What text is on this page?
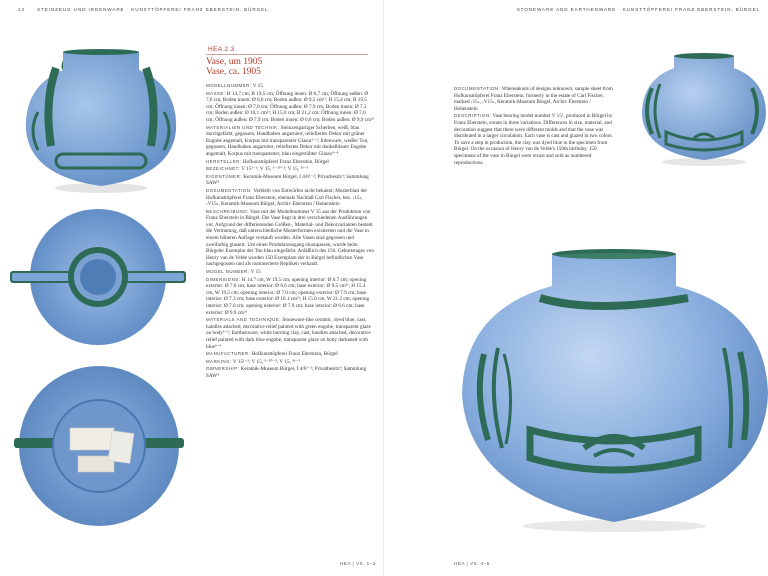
12	STEINZEUG UND IRDENWARE · KUNSTTÖPFEREI FRANZ EBERSTEIN, BÜRGEL
HEA 2.3
Vase, um 1905
Vase, ca. 1905

MODELLNUMMER: V 15

MASSE: H 14,7 cm; B 19,5 cm; Öffnung innen: Ø 6,7 cm; Öffnung außen: Ø 7,6 cm; Boden innen: Ø 6,6 cm; Boden außen: Ø 9,5 cm¹⁾; H 15,4 cm; B 19,5 cm; Öffnung innen: Ø 7,0 cm; Öffnung außen: Ø 7,9 cm; Boden innen: Ø 7,3 cm; Boden außen: Ø 10,1 cm²⁾; H 15,0 cm; B 21,2 cm; Öffnung innen: Ø 7,0 cm; Öffnung außen: Ø 7,9 cm; Boden innen: Ø 6,6 cm; Boden außen: Ø 9,9 cm³⁾

MATERIALIEN UND TECHNIK: Steinzeugartiger Scherben, weiß, blau durchgefärbt, gegossen, Handhaben angarniert, reliefiertes Dekor mit grüner Engobe angemalt, Korpus mit transparenter Glasur¹⁻²; Irdenware, weißer Ton, gegossen, Handhaben angarniert, reliefiertes Dekor mit dunkelblauer Engobe angemalt, Korpus mit transparenter, blau eingetrübter Glasur³⁻⁴

HERSTELLER: Hofkunsttöpferei Franz Eberstein, Bürgel

BEZEICHNET: V 15¹⁻²; V 15, ⁵⁻²⁰⁻²; V 15, ³⁶⁻³

EIGENTÜMER: Keramik-Museum Bürgel, I 4/6¹⁻²; Privatbesitz³; Sammlung SAW⁴

DOKUMENTATION: Verbleib von Entwürfen nicht bekannt; Musterblatt der Hofkunsttöpferei Franz Eberstein, ehemals Nachlaß Carl Fischer, bez. ›15‹, ›V15‹, Keramik-Museum Bürgel, Archiv Eberstein / Hohenstein

BESCHREIBUNG: Vase mit der Modellnummer V 15 aus der Produktion von Franz Eberstein in Bürgel. Die Vase liegt in drei verschiedenen Ausführungen vor. Aufgrund der differierenden Größen-, Material- und Dekorvarianten besteht die Vermutung, daß unterschiedliche Musterformen existierten und die Vase in einem höheren Auflage verkauft wurden. Alle Vasen sind gegossen und zweifarbig glasiert. Um einen Produktionsgang einzupassen, wurde beim Bürgeler Exemplar der Ton blau eingefärbt. Anläßlich des 150. Geburtstages von Henry van de Velde wurden 150 Exemplare der in Bürgel befindlichen Vase nachgegossen und als nummerierte Repliken verkauft.

MODEL NUMBER: V 15

DIMENSIONS: H 14.7 cm, W 19.5 cm; opening interior: Ø 6.7 cm; opening exterior: Ø 7.6 cm; base interior: Ø 6.6 cm; base exterior: Ø 9.5 cm¹⁾; H 15.4 cm, W 19.5 cm; opening interior: Ø 7.0 cm; opening exterior: Ø 7.9 cm; base interior: Ø 7.3 cm; base exterior: Ø 10.1 cm²⁾; H 15.0 cm, W 21.2 cm; opening interior: Ø 7.0 cm; opening exterior: Ø 7.9 cm; base interior: Ø 6.6 cm; base exterior: Ø 9.9 cm³⁾

MATERIALS AND TECHNIQUE: Stoneware-like ceramic, dyed blue, cast, handles attached, decorative relief painted with green engobe, transparent glaze on body¹⁻²; Earthenware, white burning clay, cast, handles attached, decorative relief painted with dark blue engobe, transparent glaze on body darkened with blue³⁻⁴

MANUFACTURER: Hofkunsttöpferei Franz Eberstein, Bürgel

MARKING: V 15¹⁻²; V 15, ⁵⁻²⁰⁻²; V 15, ³⁶⁻³

OWNERSHIP: Keramik-Museum Bürgel, I 4/6¹⁻²; Privatbesitz³; Sammlung SAW⁴

HEA | VS. 1–3
STONEWARE AND EARTHENWARE · KUNSTTÖPFEREI FRANZ EBERSTEIN, BÜRGEL

DOCUMENTATION: Whereabouts of designs unknown; sample sheet from Hofkunsttöpferei Franz Eberstein, formerly in the estate of Carl Fischer, marked ›15‹, ›V15‹, Keramik-Museum Bürgel, Archiv Eberstein / Hohenstein

DESCRIPTION: Vase bearing model number V 15¹, produced in Bürgel by Franz Eberstein, extant in three variations. Differences in size, material, and decoration suggest that there were different molds and that the vase was distributed in a larger circulation. Each vase is cast and glazed in two colors. To save a step in production, the clay was dyed blue in the specimen from Bürgel. On the occasion of Henry van de Velde's 150th birthday, 150 specimens of the vase in Bürgel were recast and sold as numbered reproductions.

HEA | VS. 4–5
